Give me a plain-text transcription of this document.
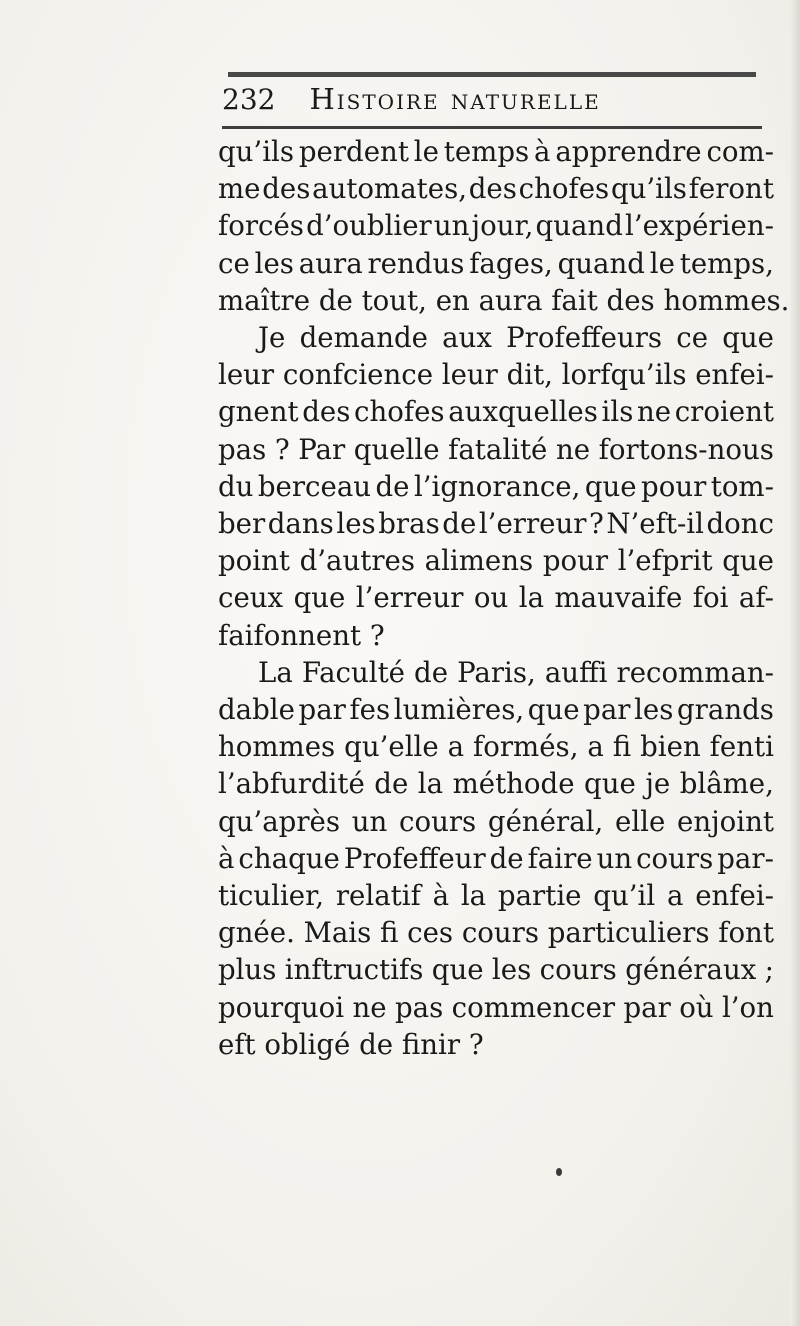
232 Histoire naturelle
qu’ils perdent le temps à apprendre com-
me des automates, des chofes qu’ils feront
forcés d’oublier un jour, quand l’expérien-
ce les aura rendus fages, quand le temps,
maître de tout, en aura fait des hommes.
Je demande aux Profeffeurs ce que
leur confcience leur dit, lorfqu’ils enfei-
gnent des chofes auxquelles ils ne croient
pas ? Par quelle fatalité ne fortons-nous
du berceau de l’ignorance, que pour tom-
ber dans les bras de l’erreur ? N’eft-il donc
point d’autres alimens pour l’efprit que
ceux que l’erreur ou la mauvaife foi af-
faifonnent ?
La Faculté de Paris, auffi recomman-
dable par fes lumières, que par les grands
hommes qu’elle a formés, a fi bien fenti
l’abfurdité de la méthode que je blâme,
qu’après un cours général, elle enjoint
à chaque Profeffeur de faire un cours par-
ticulier, relatif à la partie qu’il a enfei-
gnée. Mais fi ces cours particuliers font
plus inftructifs que les cours généraux ;
pourquoi ne pas commencer par où l’on
eft obligé de finir ?
